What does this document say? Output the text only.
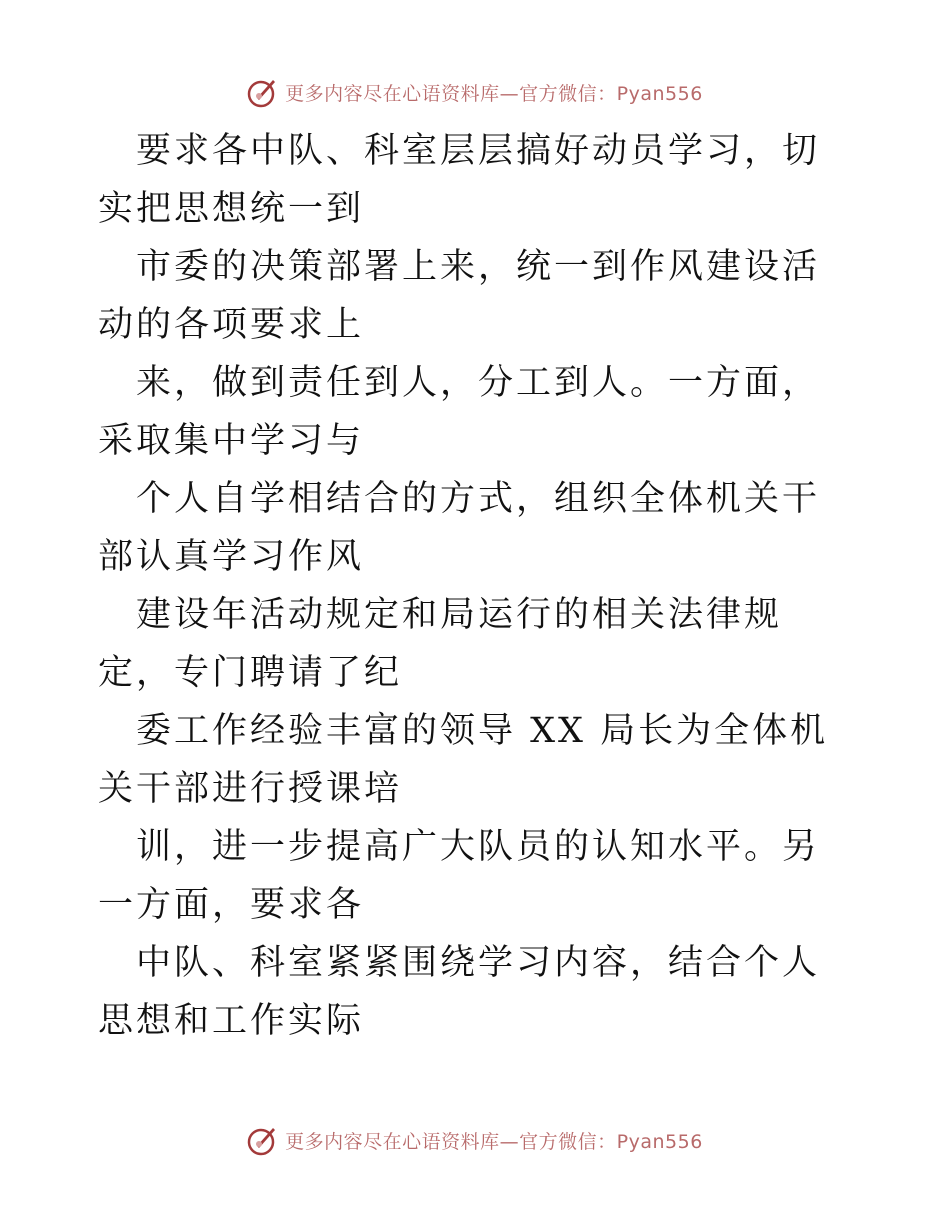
更多内容尽在心语资料库—官方微信：Pyan556

要求各中队、科室层层搞好动员学习，切实把思想统一到

市委的决策部署上来，统一到作风建设活动的各项要求上

来，做到责任到人，分工到人。一方面，采取集中学习与

个人自学相结合的方式，组织全体机关干部认真学习作风

建设年活动规定和局运行的相关法律规定，专门聘请了纪

委工作经验丰富的领导 XX 局长为全体机关干部进行授课培

训，进一步提高广大队员的认知水平。另一方面，要求各

中队、科室紧紧围绕学习内容，结合个人思想和工作实际

更多内容尽在心语资料库—官方微信：Pyan556
